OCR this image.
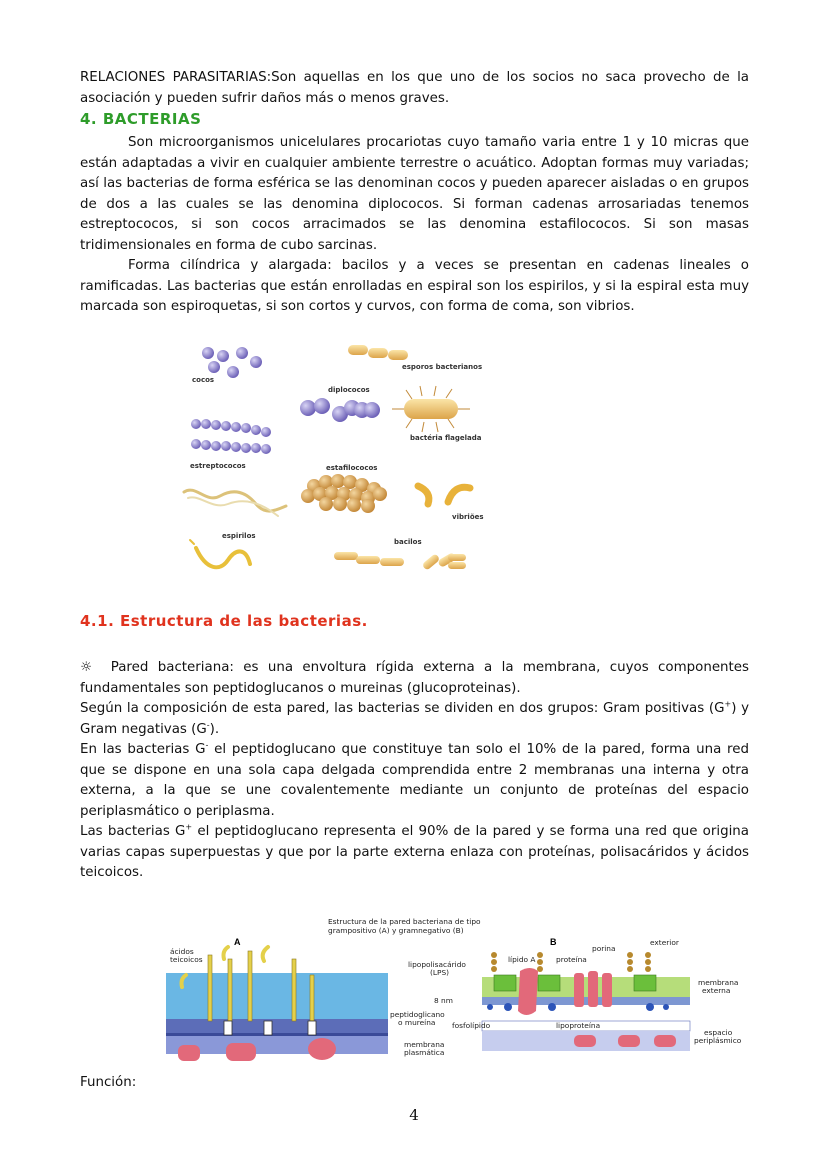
RELACIONES PARASITARIAS:Son aquellas en los que uno de los socios no saca provecho de la asociación y pueden sufrir daños más o menos graves.

4. BACTERIAS

Son microorganismos unicelulares procariotas cuyo tamaño varia entre 1 y 10 micras que están adaptadas a vivir en cualquier ambiente terrestre o acuático. Adoptan formas muy variadas; así las bacterias de forma esférica se las denominan cocos y pueden aparecer aisladas o en grupos de dos a las cuales se las denomina diplococos. Si forman cadenas arrosariadas tenemos estreptococos, si son cocos arracimados se las denomina estafilococos. Si son masas tridimensionales en forma de cubo sarcinas.

Forma cilíndrica y alargada: bacilos y a veces se presentan en cadenas lineales o ramificadas. Las bacterias que están enrolladas en espiral son los espirilos, y si la espiral esta muy marcada son espiroquetas, si son cortos y curvos, con forma de coma, son vibrios.

cocos
esporos bacterianos
diplococos
bactéria flagelada
estreptococos	estafilococos
vibriões
espirilos
bacilos
4.1. Estructura de las bacterias.

☼ Pared bacteriana: es una envoltura rígida externa a la membrana, cuyos componentes fundamentales son peptidoglucanos o mureinas (glucoproteinas).

Según la composición de esta pared, las bacterias se dividen en dos grupos: Gram positivas (G+) y Gram negativas (G-).

En las bacterias G- el peptidoglucano que constituye tan solo el 10% de la pared, forma una red que se dispone en una sola capa delgada comprendida entre 2 membranas una interna y otra externa, a la que se une covalentemente mediante un conjunto de proteínas del espacio periplasmático o periplasma.

Las bacterias G+ el peptidoglucano representa el 90% de la pared y se forma una red que origina varias capas superpuestas y que por la parte externa enlaza con proteínas, polisacáridos y ácidos teicoicos.

Estructura de la pared bacteriana de tipo
grampositivo (A) y gramnegativo (B)
A	B
ácidos
teicoicos
lipopolisacárido
(LPS)
8 nm
peptidoglicano
o mureína fosfolípido	lipoproteína
lípido A	proteína
porina
exterior
membrana
externa
espacio
periplásmico
membrana
plasmática
Función:
4
